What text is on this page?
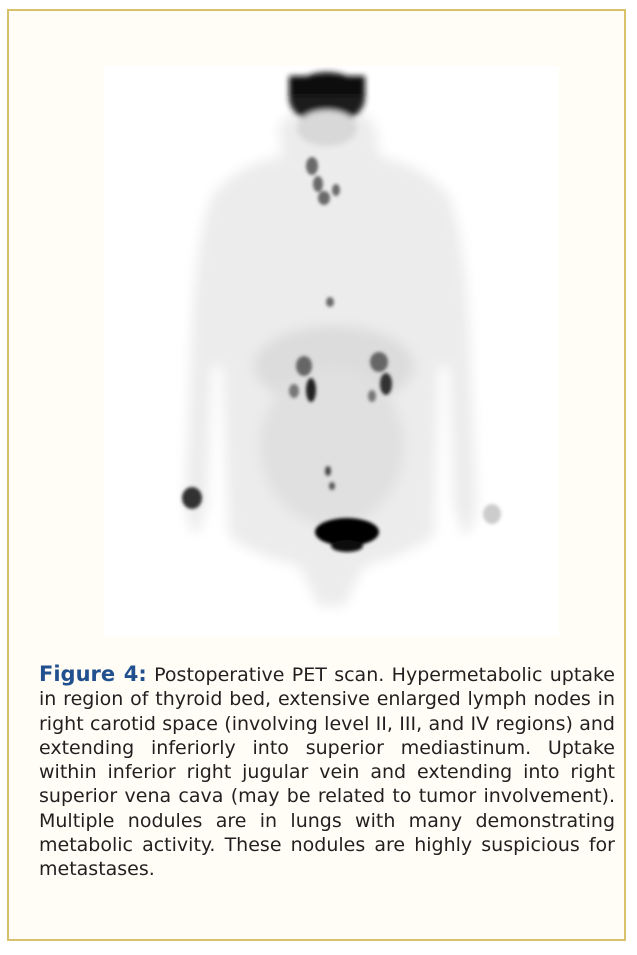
Figure 4: Postoperative PET scan. Hypermetabolic uptake in region of thyroid bed, extensive enlarged lymph nodes in right carotid space (involving level II, III, and IV regions) and extending inferiorly into superior mediastinum. Uptake within inferior right jugular vein and extending into right superior vena cava (may be related to tumor involvement). Multiple nodules are in lungs with many demonstrating metabolic activity. These nodules are highly suspicious for metastases.
